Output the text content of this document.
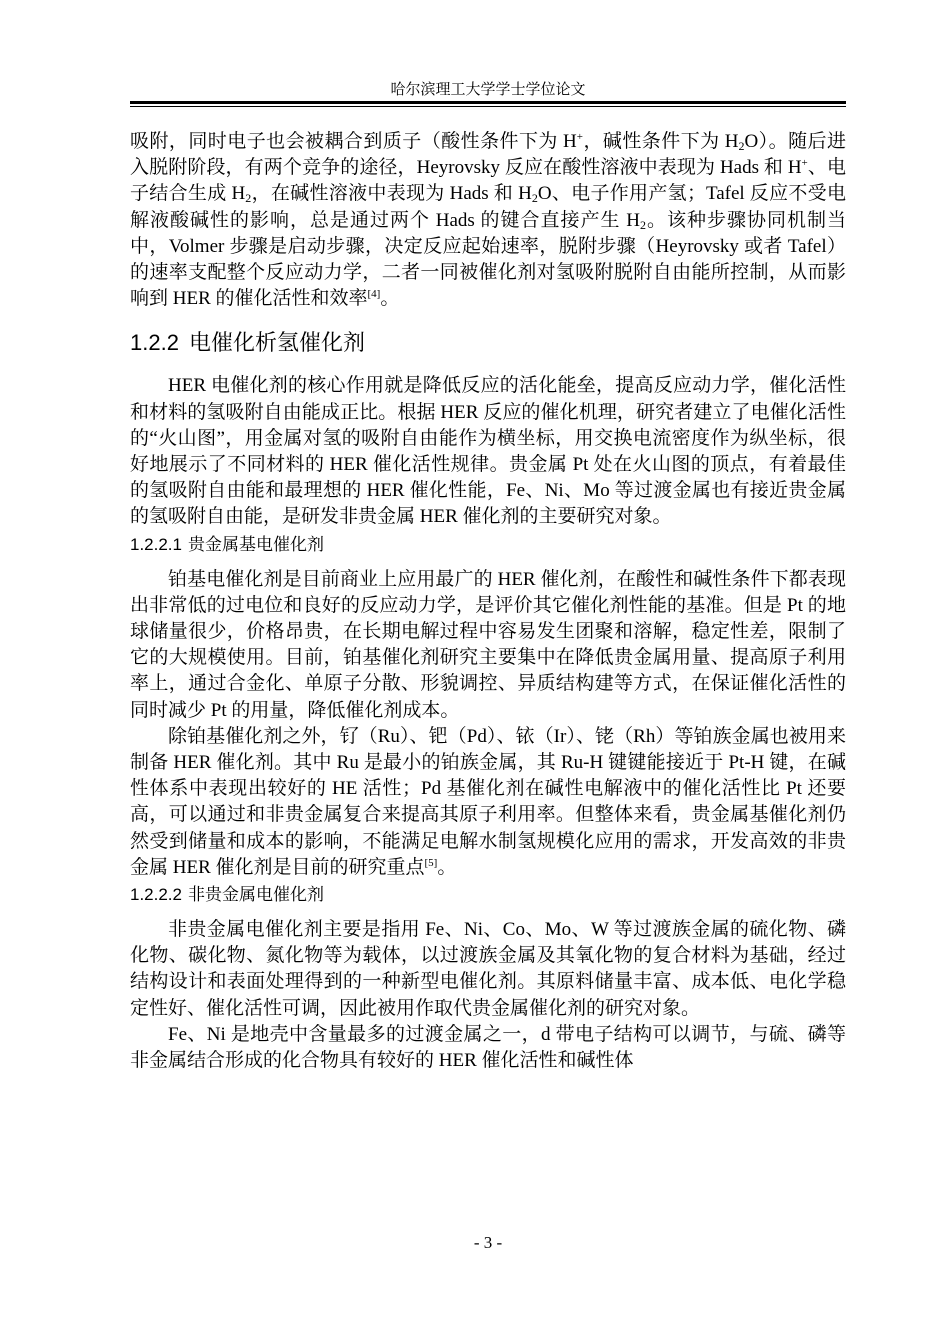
哈尔滨理工大学学士学位论文

吸附，同时电子也会被耦合到质子（酸性条件下为 H+，碱性条件下为 $H_2O$）。随后进入脱附阶段，有两个竞争的途径，Heyrovsky 反应在酸性溶液中表现为 Hads 和 H+、电子结合生成 $H_2$，在碱性溶液中表现为 Hads 和 $H_2O$、电子作用产氢；Tafel 反应不受电解液酸碱性的影响，总是通过两个 Hads 的键合直接产生 $H_2$。该种步骤协同机制当中，Volmer 步骤是启动步骤，决定反应起始速率，脱附步骤（Heyrovsky 或者 Tafel）的速率支配整个反应动力学，二者一同被催化剂对氢吸附脱附自由能所控制，从而影响到 HER 的催化活性和效率[4]。

1.2.2 电催化析氢催化剂

HER 电催化剂的核心作用就是降低反应的活化能垒，提高反应动力学，催化活性和材料的氢吸附自由能成正比。根据 HER 反应的催化机理，研究者建立了电催化活性的“火山图”，用金属对氢的吸附自由能作为横坐标，用交换电流密度作为纵坐标，很好地展示了不同材料的 HER 催化活性规律。贵金属 Pt 处在火山图的顶点，有着最佳的氢吸附自由能和最理想的 HER 催化性能，Fe、Ni、Mo 等过渡金属也有接近贵金属的氢吸附自由能，是研发非贵金属 HER 催化剂的主要研究对象。

1.2.2.1 贵金属基电催化剂

铂基电催化剂是目前商业上应用最广的 HER 催化剂，在酸性和碱性条件下都表现出非常低的过电位和良好的反应动力学，是评价其它催化剂性能的基准。但是 Pt 的地球储量很少，价格昂贵，在长期电解过程中容易发生团聚和溶解，稳定性差，限制了它的大规模使用。目前，铂基催化剂研究主要集中在降低贵金属用量、提高原子利用率上，通过合金化、单原子分散、形貌调控、异质结构建等方式，在保证催化活性的同时减少 Pt 的用量，降低催化剂成本。

除铂基催化剂之外，钌（Ru）、钯（Pd）、铱（Ir）、铑（Rh）等铂族金属也被用来制备 HER 催化剂。其中 Ru 是最小的铂族金属，其 Ru-H 键键能接近于 Pt-H 键，在碱性体系中表现出较好的 HE 活性；Pd 基催化剂在碱性电解液中的催化活性比 Pt 还要高，可以通过和非贵金属复合来提高其原子利用率。但整体来看，贵金属基催化剂仍然受到储量和成本的影响，不能满足电解水制氢规模化应用的需求，开发高效的非贵金属 HER 催化剂是目前的研究重点[5]。

1.2.2.2 非贵金属电催化剂

非贵金属电催化剂主要是指用 Fe、Ni、Co、Mo、W 等过渡族金属的硫化物、磷化物、碳化物、氮化物等为载体，以过渡族金属及其氧化物的复合材料为基础，经过结构设计和表面处理得到的一种新型电催化剂。其原料储量丰富、成本低、电化学稳定性好、催化活性可调，因此被用作取代贵金属催化剂的研究对象。

Fe、Ni 是地壳中含量最多的过渡金属之一，d 带电子结构可以调节，与硫、磷等非金属结合形成的化合物具有较好的 HER 催化活性和碱性体

- 3 -
